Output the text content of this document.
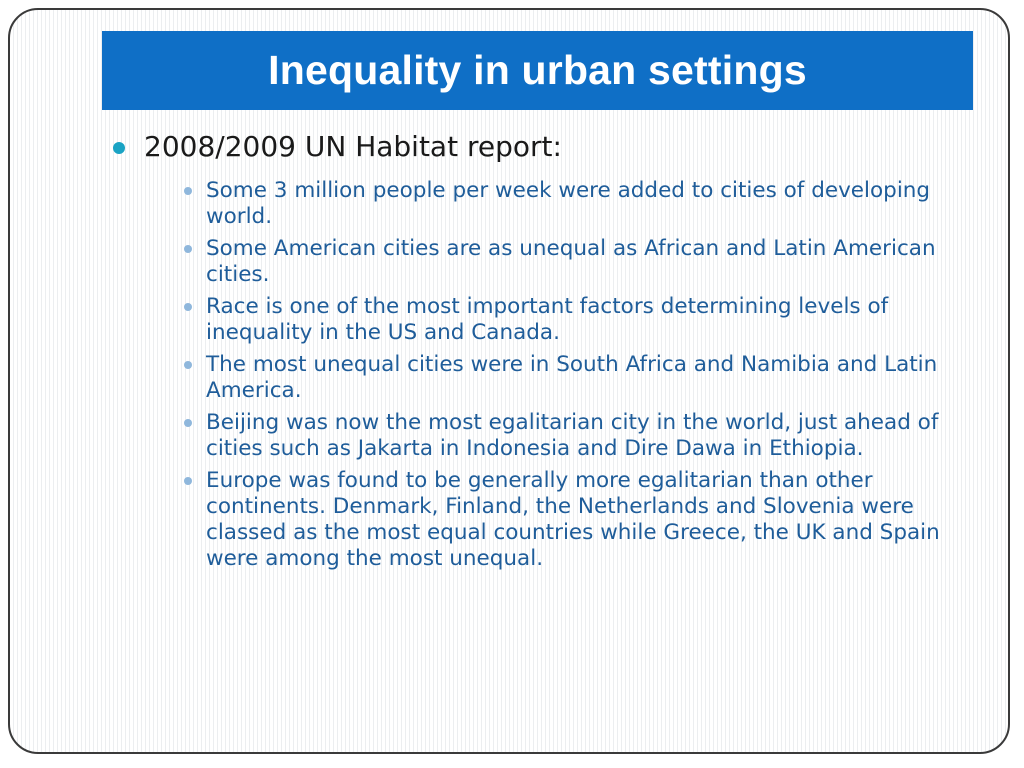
Inequality in urban settings
2008/2009 UN Habitat report:
Some 3 million people per week were added to cities of developing world.
Some American cities are as unequal as African and Latin American cities.
Race is one of the most important factors determining levels of inequality in the US and Canada.
The most unequal cities were in South Africa and Namibia and Latin America.
Beijing was now the most egalitarian city in the world, just ahead of cities such as Jakarta in Indonesia and Dire Dawa in Ethiopia.
Europe was found to be generally more egalitarian than other continents. Denmark, Finland, the Netherlands and Slovenia were classed as the most equal countries while Greece, the UK and Spain were among the most unequal.
